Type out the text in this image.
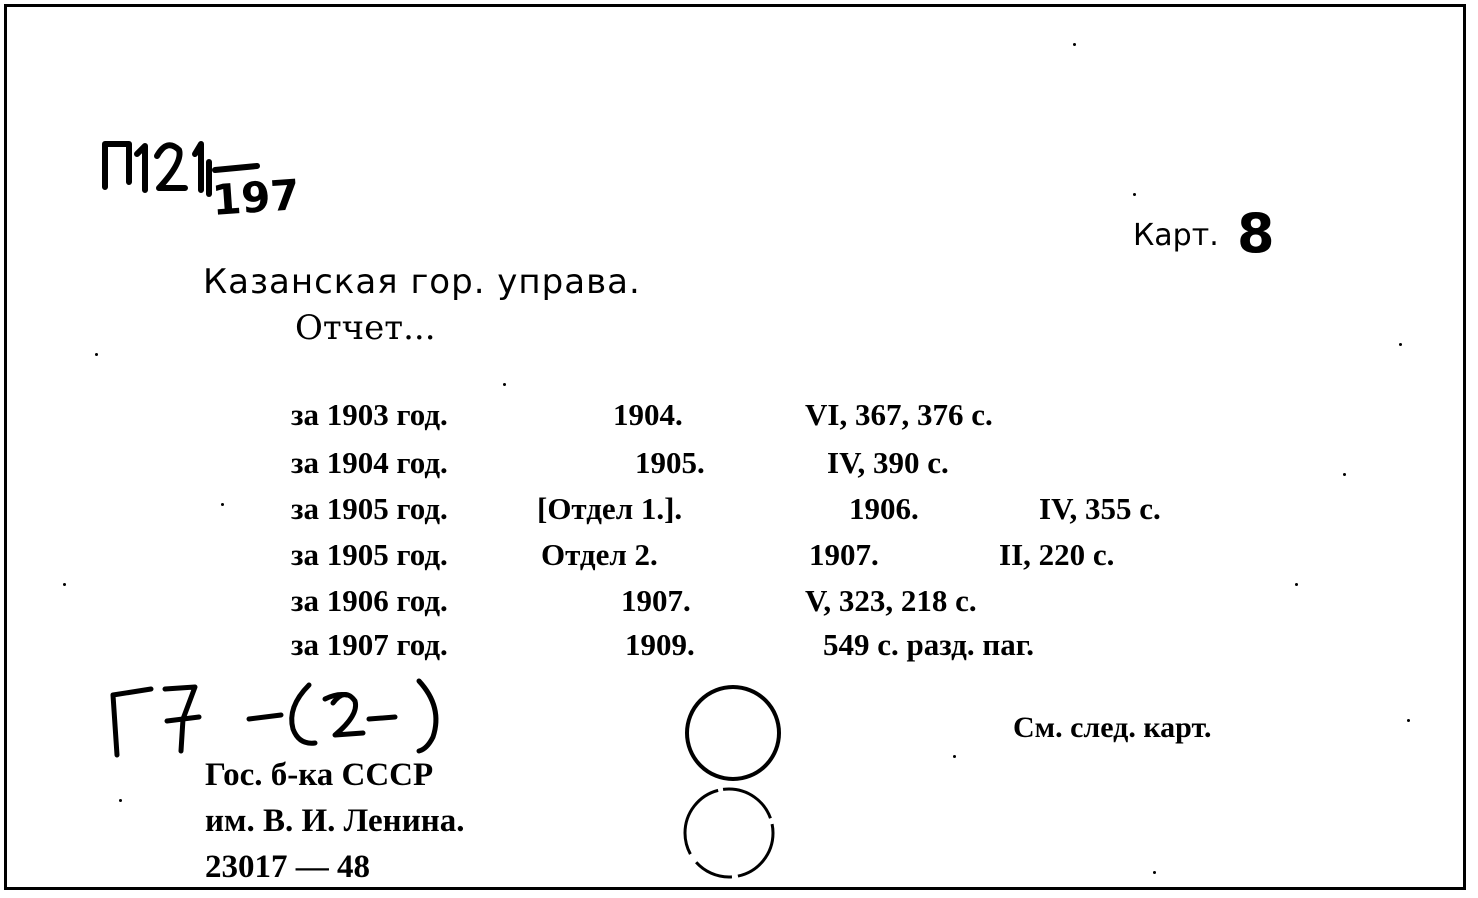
197
Карт. 8
Казанская гор. управа.
Отчет...
за 1903 год.	1904.	VI, 367, 376 с.
за 1904 год.	1905.	IV, 390 с.
за 1905 год.	[Отдел 1.].	1906.	IV, 355 с.
за 1905 год.	Отдел 2.	1907.	II, 220 с.
за 1906 год.	1907.	V, 323, 218 с.
за 1907 год.	1909.	549 с. разд. паг.
См. след. карт.
Гос. б-ка СССР
им. В. И. Ленина.
23017 — 48
